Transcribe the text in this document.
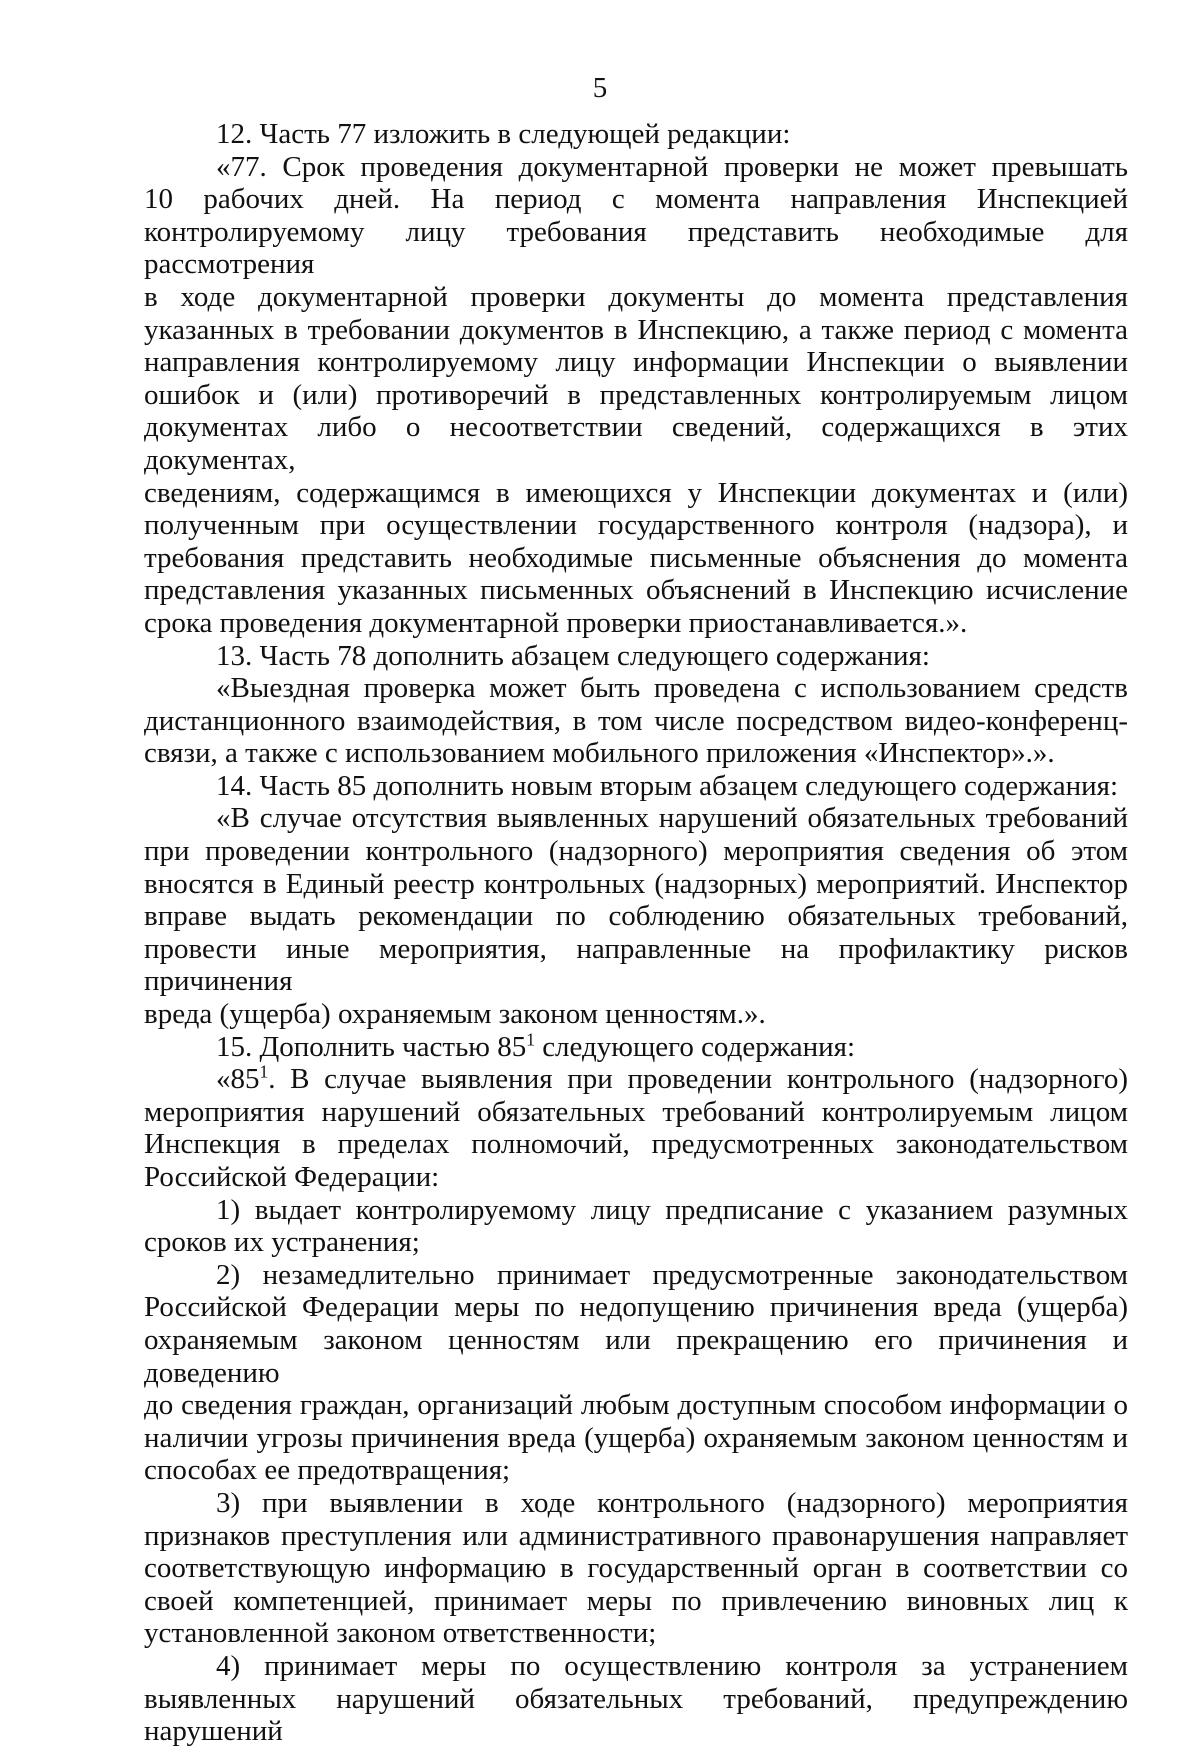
5
12. Часть 77 изложить в следующей редакции:
«77. Срок проведения документарной проверки не может превышать
10 рабочих дней. На период с момента направления Инспекцией
контролируемому лицу требования представить необходимые для рассмотрения
в ходе документарной проверки документы до момента представления
указанных в требовании документов в Инспекцию, а также период с момента
направления контролируемому лицу информации Инспекции о выявлении
ошибок и (или) противоречий в представленных контролируемым лицом
документах либо о несоответствии сведений, содержащихся в этих документах,
сведениям, содержащимся в имеющихся у Инспекции документах и (или)
полученным при осуществлении государственного контроля (надзора), и
требования представить необходимые письменные объяснения до момента
представления указанных письменных объяснений в Инспекцию исчисление
срока проведения документарной проверки приостанавливается.».
13. Часть 78 дополнить абзацем следующего содержания:
«Выездная проверка может быть проведена с использованием средств
дистанционного взаимодействия, в том числе посредством видео-конференц-
связи, а также с использованием мобильного приложения «Инспектор».».
14. Часть 85 дополнить новым вторым абзацем следующего содержания:
«В случае отсутствия выявленных нарушений обязательных требований
при проведении контрольного (надзорного) мероприятия сведения об этом
вносятся в Единый реестр контрольных (надзорных) мероприятий. Инспектор
вправе выдать рекомендации по соблюдению обязательных требований,
провести иные мероприятия, направленные на профилактику рисков причинения
вреда (ущерба) охраняемым законом ценностям.».
15. Дополнить частью $85^1$ следующего содержания:
«$85^1$. В случае выявления при проведении контрольного (надзорного)
мероприятия нарушений обязательных требований контролируемым лицом
Инспекция в пределах полномочий, предусмотренных законодательством
Российской Федерации:
1) выдает контролируемому лицу предписание с указанием разумных
сроков их устранения;
2) незамедлительно принимает предусмотренные законодательством
Российской Федерации меры по недопущению причинения вреда (ущерба)
охраняемым законом ценностям или прекращению его причинения и доведению
до сведения граждан, организаций любым доступным способом информации о
наличии угрозы причинения вреда (ущерба) охраняемым законом ценностям и
способах ее предотвращения;
3) при выявлении в ходе контрольного (надзорного) мероприятия
признаков преступления или административного правонарушения направляет
соответствующую информацию в государственный орган в соответствии со
своей компетенцией, принимает меры по привлечению виновных лиц к
установленной законом ответственности;
4) принимает меры по осуществлению контроля за устранением
выявленных нарушений обязательных требований, предупреждению нарушений
